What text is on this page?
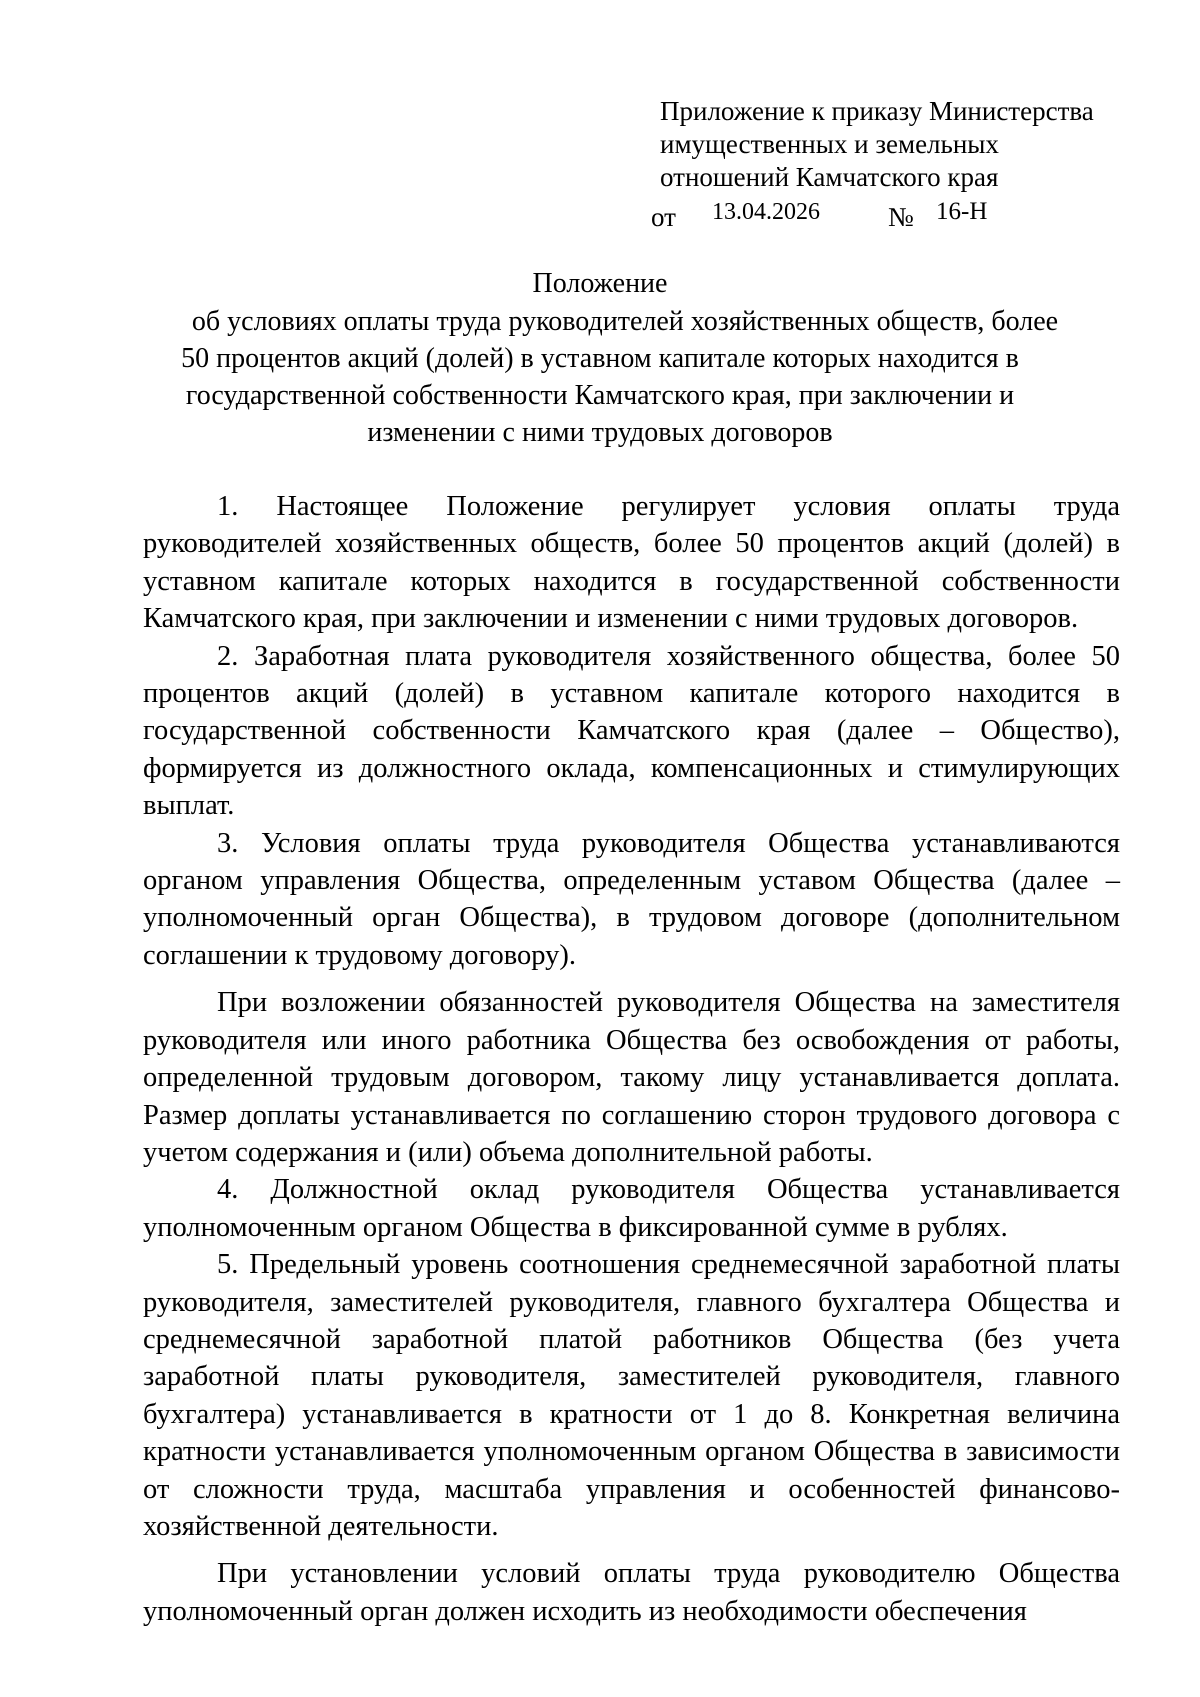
Приложение к приказу Министерства
имущественных и земельных
отношений Камчатского края
от 13.04.2026	№ 16-Н
Положение
об условиях оплаты труда руководителей хозяйственных обществ, более
50 процентов акций (долей) в уставном капитале которых находится в
государственной собственности Камчатского края, при заключении и
изменении с ними трудовых договоров

1. Настоящее Положение регулирует условия оплаты труда руководителей хозяйственных обществ, более 50 процентов акций (долей) в уставном капитале которых находится в государственной собственности Камчатского края, при заключении и изменении с ними трудовых договоров.

2. Заработная плата руководителя хозяйственного общества, более 50 процентов акций (долей) в уставном капитале которого находится в государственной собственности Камчатского края (далее – Общество), формируется из должностного оклада, компенсационных и стимулирующих выплат.

3. Условия оплаты труда руководителя Общества устанавливаются органом управления Общества, определенным уставом Общества (далее – уполномоченный орган Общества), в трудовом договоре (дополнительном соглашении к трудовому договору).

При возложении обязанностей руководителя Общества на заместителя руководителя или иного работника Общества без освобождения от работы, определенной трудовым договором, такому лицу устанавливается доплата. Размер доплаты устанавливается по соглашению сторон трудового договора с учетом содержания и (или) объема дополнительной работы.

4. Должностной оклад руководителя Общества устанавливается уполномоченным органом Общества в фиксированной сумме в рублях.

5. Предельный уровень соотношения среднемесячной заработной платы руководителя, заместителей руководителя, главного бухгалтера Общества и среднемесячной заработной платой работников Общества (без учета заработной платы руководителя, заместителей руководителя, главного бухгалтера) устанавливается в кратности от 1 до 8. Конкретная величина кратности устанавливается уполномоченным органом Общества в зависимости от сложности труда, масштаба управления и особенностей финансово-хозяйственной деятельности.

При установлении условий оплаты труда руководителю Общества уполномоченный орган должен исходить из необходимости обеспечения
